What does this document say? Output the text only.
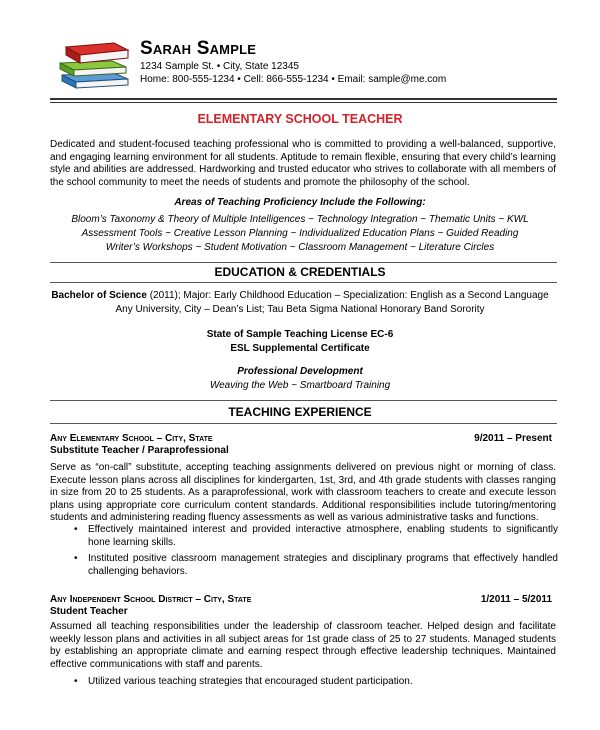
Sarah Sample
1234 Sample St. • City, State 12345
Home: 800-555-1234 • Cell: 866-555-1234 • Email: sample@me.com
ELEMENTARY SCHOOL TEACHER
Dedicated and student-focused teaching professional who is committed to providing a well-balanced, supportive, and engaging learning environment for all students. Aptitude to remain flexible, ensuring that every child’s learning style and abilities are addressed. Hardworking and trusted educator who strives to collaborate with all members of the school community to meet the needs of students and promote the philosophy of the school.
Areas of Teaching Proficiency Include the Following:
Bloom’s Taxonomy & Theory of Multiple Intelligences ~ Technology Integration ~ Thematic Units ~ KWL
Assessment Tools ~ Creative Lesson Planning ~ Individualized Education Plans ~ Guided Reading
Writer’s Workshops ~ Student Motivation ~ Classroom Management ~ Literature Circles
EDUCATION & CREDENTIALS
Bachelor of Science (2011); Major: Early Childhood Education – Specialization: English as a Second Language
Any University, City – Dean’s List; Tau Beta Sigma National Honorary Band Sorority
State of Sample Teaching License EC-6
ESL Supplemental Certificate
Professional Development
Weaving the Web ~ Smartboard Training
TEACHING EXPERIENCE
Any Elementary School – City, State	9/2011 – Present
Substitute Teacher / Paraprofessional
Serve as “on-call” substitute, accepting teaching assignments delivered on previous night or morning of class. Execute lesson plans across all disciplines for kindergarten, 1st, 3rd, and 4th grade students with classes ranging in size from 20 to 25 students. As a paraprofessional, work with classroom teachers to create and execute lesson plans using appropriate core curriculum content standards. Additional responsibilities include tutoring/mentoring students and administering reading fluency assessments as well as various administrative tasks and functions.
• Effectively maintained interest and provided interactive atmosphere, enabling students to significantly hone learning skills.
• Instituted positive classroom management strategies and disciplinary programs that effectively handled challenging behaviors.
Any Independent School District – City, State	1/2011 – 5/2011
Student Teacher
Assumed all teaching responsibilities under the leadership of classroom teacher. Helped design and facilitate weekly lesson plans and activities in all subject areas for 1st grade class of 25 to 27 students. Managed students by establishing an appropriate climate and earning respect through effective leadership techniques. Maintained effective communications with staff and parents.
• Utilized various teaching strategies that encouraged student participation.
